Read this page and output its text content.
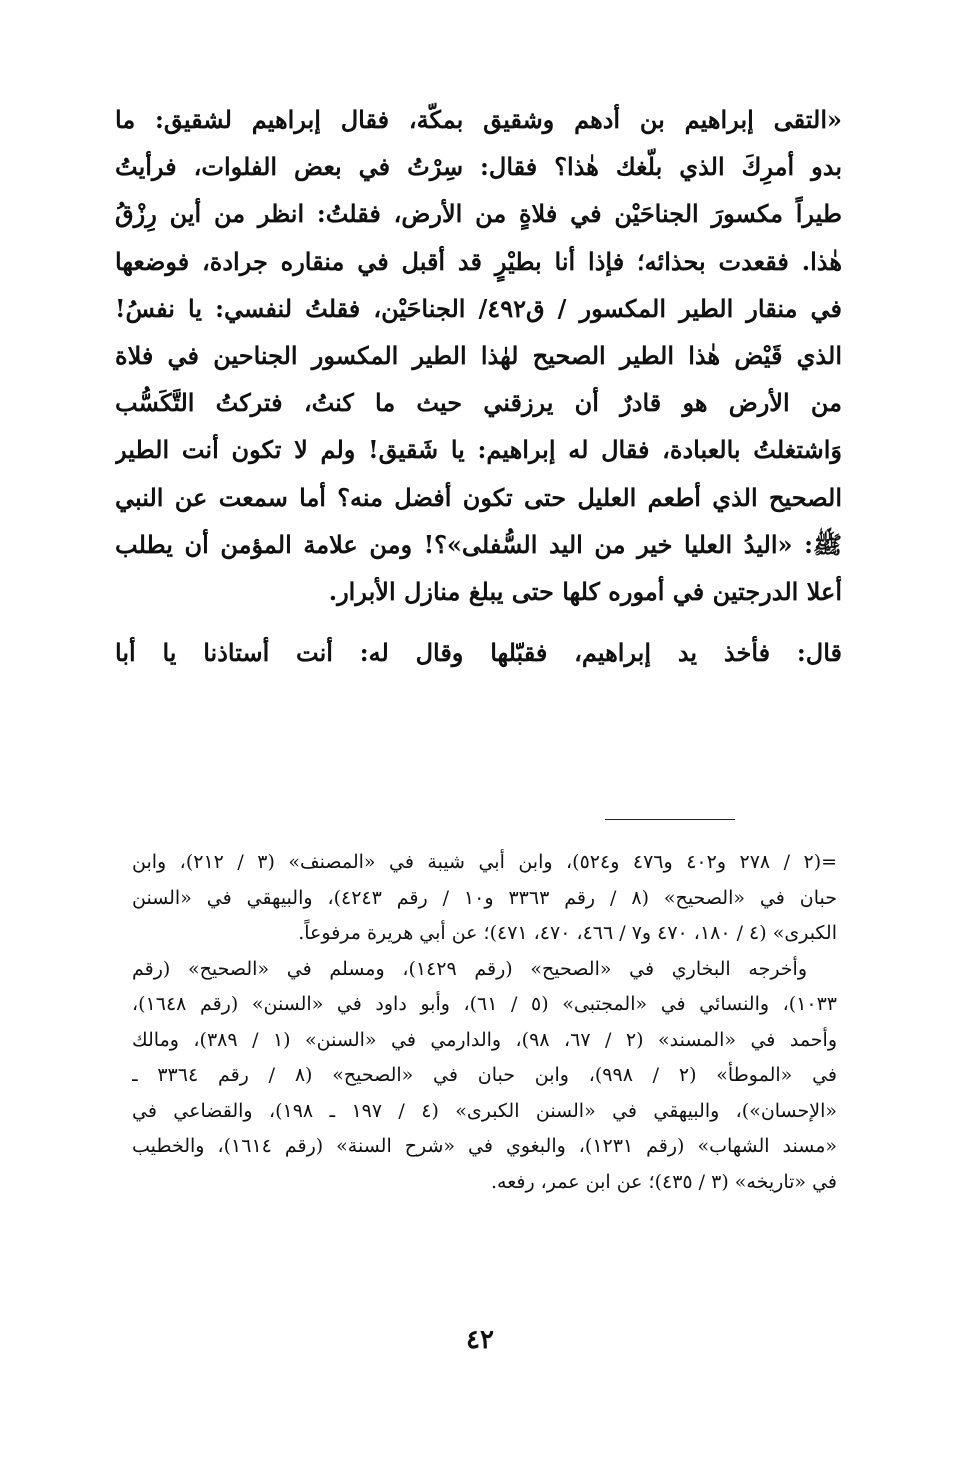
«التقى إبراهيم بن أدهم وشقيق بمكّة، فقال إبراهيم لشقيق: ما
بدو أمرِكَ الذي بلّغك هٰذا؟ فقال: سِرْتُ في بعض الفلوات، فرأيتُ
طيراً مكسورَ الجناحَيْن في فلاةٍ من الأرض، فقلتُ: انظر من أين رِزْقُ
هٰذا. فقعدت بحذائه؛ فإذا أنا بطيْرٍ قد أقبل في منقاره جرادة، فوضعها
في منقار الطير المكسور / ق٤٩٢/ الجناحَيْن، فقلتُ لنفسي: يا نفسُ!
الذي قَيْض هٰذا الطير الصحيح لهٰذا الطير المكسور الجناحين في فلاة
من الأرض هو قادرٌ أن يرزقني حيث ما كنتُ، فتركتُ التَّكَسُّب
وَاشتغلتُ بالعبادة، فقال له إبراهيم: يا شَقيق! ولم لا تكون أنت الطير
الصحيح الذي أطعم العليل حتى تكون أفضل منه؟ أما سمعت عن النبي
ﷺ: «اليدُ العليا خير من اليد السُّفلى»؟! ومن علامة المؤمن أن يطلب
أعلا الدرجتين في أموره كلها حتى يبلغ منازل الأبرار.
قال: فأخذ يد إبراهيم، فقبّلها وقال له: أنت أستاذنا يا أبا
=(٢ / ٢٧٨ و٤٠٢ و٤٧٦ و٥٢٤)، وابن أبي شيبة في «المصنف» (٣ / ٢١٢)، وابن
حبان في «الصحيح» (٨ / رقم ٣٣٦٣ و١٠ / رقم ٤٢٤٣)، والبيهقي في «السنن
الكبرى» (٤ / ١٨٠، ٤٧٠ و٧ / ٤٦٦، ٤٧٠، ٤٧١)؛ عن أبي هريرة مرفوعاً.
وأخرجه البخاري في «الصحيح» (رقم ١٤٢٩)، ومسلم في «الصحيح» (رقم
١٠٣٣)، والنسائي في «المجتبى» (٥ / ٦١)، وأبو داود في «السنن» (رقم ١٦٤٨)،
وأحمد في «المسند» (٢ / ٦٧، ٩٨)، والدارمي في «السنن» (١ / ٣٨٩)، ومالك
في «الموطأ» (٢ / ٩٩٨)، وابن حبان في «الصحيح» (٨ / رقم ٣٣٦٤ ـ
«الإحسان»)، والبيهقي في «السنن الكبرى» (٤ / ١٩٧ ـ ١٩٨)، والقضاعي في
«مسند الشهاب» (رقم ١٢٣١)، والبغوي في «شرح السنة» (رقم ١٦١٤)، والخطيب
في «تاريخه» (٣ / ٤٣٥)؛ عن ابن عمر، رفعه.
٤٢
